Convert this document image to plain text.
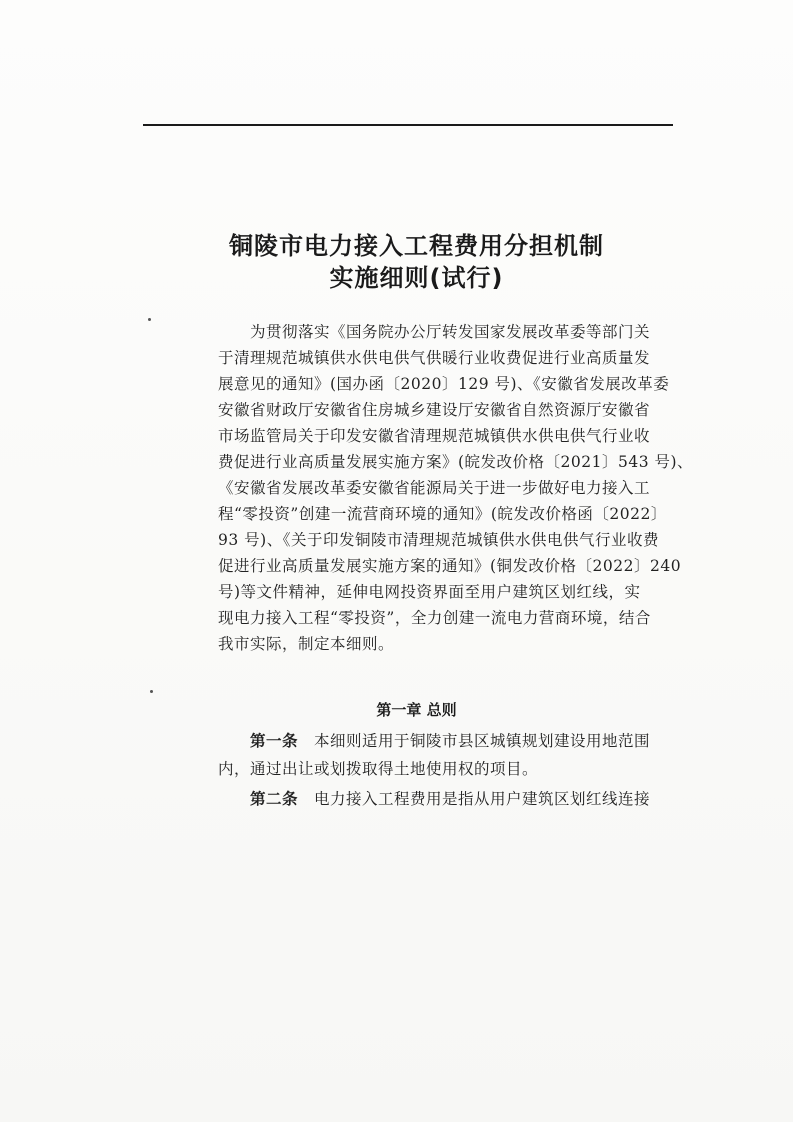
铜陵市电力接入工程费用分担机制
实施细则(试行)
为贯彻落实《国务院办公厅转发国家发展改革委等部门关
于清理规范城镇供水供电供气供暖行业收费促进行业高质量发
展意见的通知》(国办函〔2020〕129 号)、《安徽省发展改革委
安徽省财政厅安徽省住房城乡建设厅安徽省自然资源厅安徽省
市场监管局关于印发安徽省清理规范城镇供水供电供气行业收
费促进行业高质量发展实施方案》(皖发改价格〔2021〕543 号)、
《安徽省发展改革委安徽省能源局关于进一步做好电力接入工
程“零投资”创建一流营商环境的通知》(皖发改价格函〔2022〕
93 号)、《关于印发铜陵市清理规范城镇供水供电供气行业收费
促进行业高质量发展实施方案的通知》(铜发改价格〔2022〕240
号)等文件精神，延伸电网投资界面至用户建筑区划红线，实
现电力接入工程“零投资”，全力创建一流电力营商环境，结合
我市实际，制定本细则。
第一章 总则
第一条 本细则适用于铜陵市县区城镇规划建设用地范围
内，通过出让或划拨取得土地使用权的项目。
第二条 电力接入工程费用是指从用户建筑区划红线连接
